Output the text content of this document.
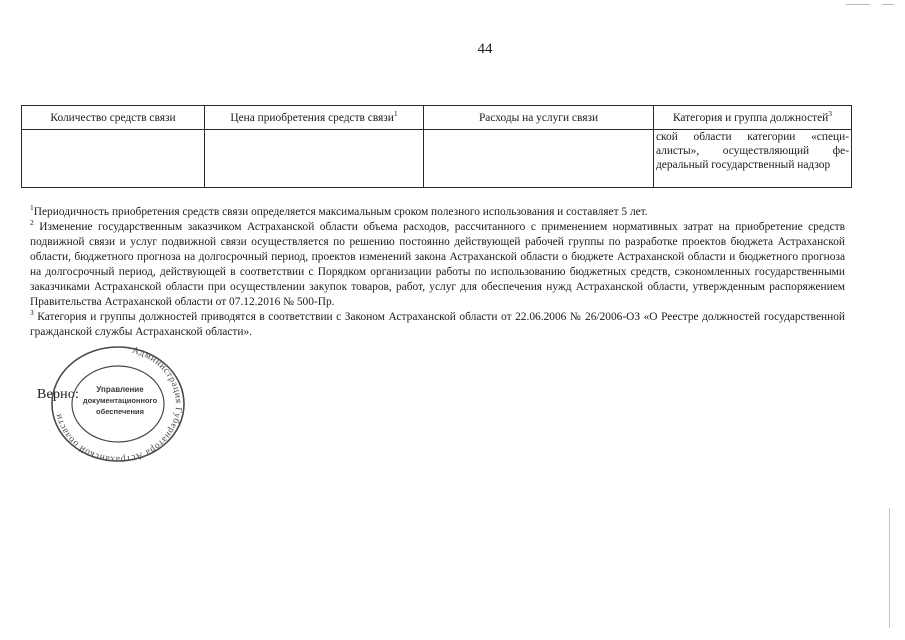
44
Количество средств связи	Цена приобретения средств связи$^1$	Расходы на услуги связи	Категория и группа должностей$^3$
			ской области категории «специ-алисты», осуществляющий фе-деральный государственный надзор

$^1$Периодичность приобретения средств связи определяется максимальным сроком полезного использования и составляет 5 лет.

$^2$ Изменение государственным заказчиком Астраханской области объема расходов, рассчитанного с применением нормативных затрат на приобретение средств подвижной связи и услуг подвижной связи осуществляется по решению постоянно действующей рабочей группы по разработке проектов бюджета Астраханской области, бюджетного прогноза на долгосрочный период, проектов изменений закона Астраханской области о бюджете Астраханской области и бюджетного прогноза на долгосрочный период, действующей в соответствии с Порядком организации работы по использованию бюджетных средств, сэкономленных государственными заказчиками Астраханской области при осуществлении закупок товаров, работ, услуг для обеспечения нужд Астраханской области, утвержденным распоряжением Правительства Астраханской области от 07.12.2016 № 500-Пр.

$^3$ Категория и группы должностей приводятся в соответствии с Законом Астраханской области от 22.06.2006 № 26/2006-ОЗ «О Реестре должностей государственной гражданской службы Астраханской области».

Верно:
Администрация Губернатора Астраханской области
Управление
документационного
обеспечения
